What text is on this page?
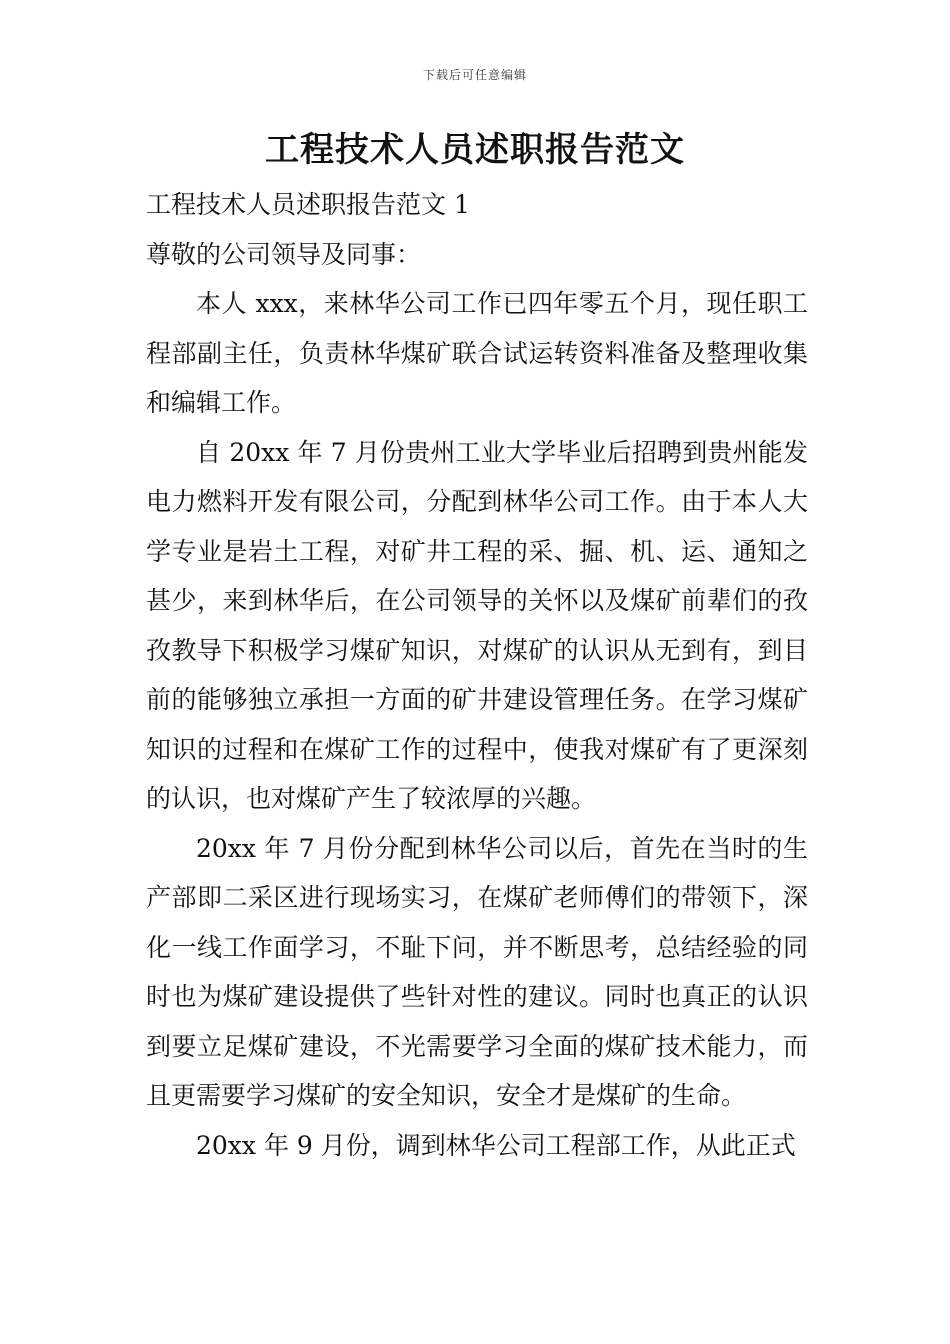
下载后可任意编辑
工程技术人员述职报告范文

工程技术人员述职报告范文 1

尊敬的公司领导及同事：

本人 xxx，来林华公司工作已四年零五个月，现任职工程部副主任，负责林华煤矿联合试运转资料准备及整理收集和编辑工作。

自 20xx 年 7 月份贵州工业大学毕业后招聘到贵州能发电力燃料开发有限公司，分配到林华公司工作。由于本人大学专业是岩土工程，对矿井工程的采、掘、机、运、通知之甚少，来到林华后，在公司领导的关怀以及煤矿前辈们的孜孜教导下积极学习煤矿知识，对煤矿的认识从无到有，到目前的能够独立承担一方面的矿井建设管理任务。在学习煤矿知识的过程和在煤矿工作的过程中，使我对煤矿有了更深刻的认识，也对煤矿产生了较浓厚的兴趣。

20xx 年 7 月份分配到林华公司以后，首先在当时的生产部即二采区进行现场实习，在煤矿老师傅们的带领下，深化一线工作面学习，不耻下问，并不断思考，总结经验的同时也为煤矿建设提供了些针对性的建议。同时也真正的认识到要立足煤矿建设，不光需要学习全面的煤矿技术能力，而且更需要学习煤矿的安全知识，安全才是煤矿的生命。

20xx 年 9 月份，调到林华公司工程部工作，从此正式
